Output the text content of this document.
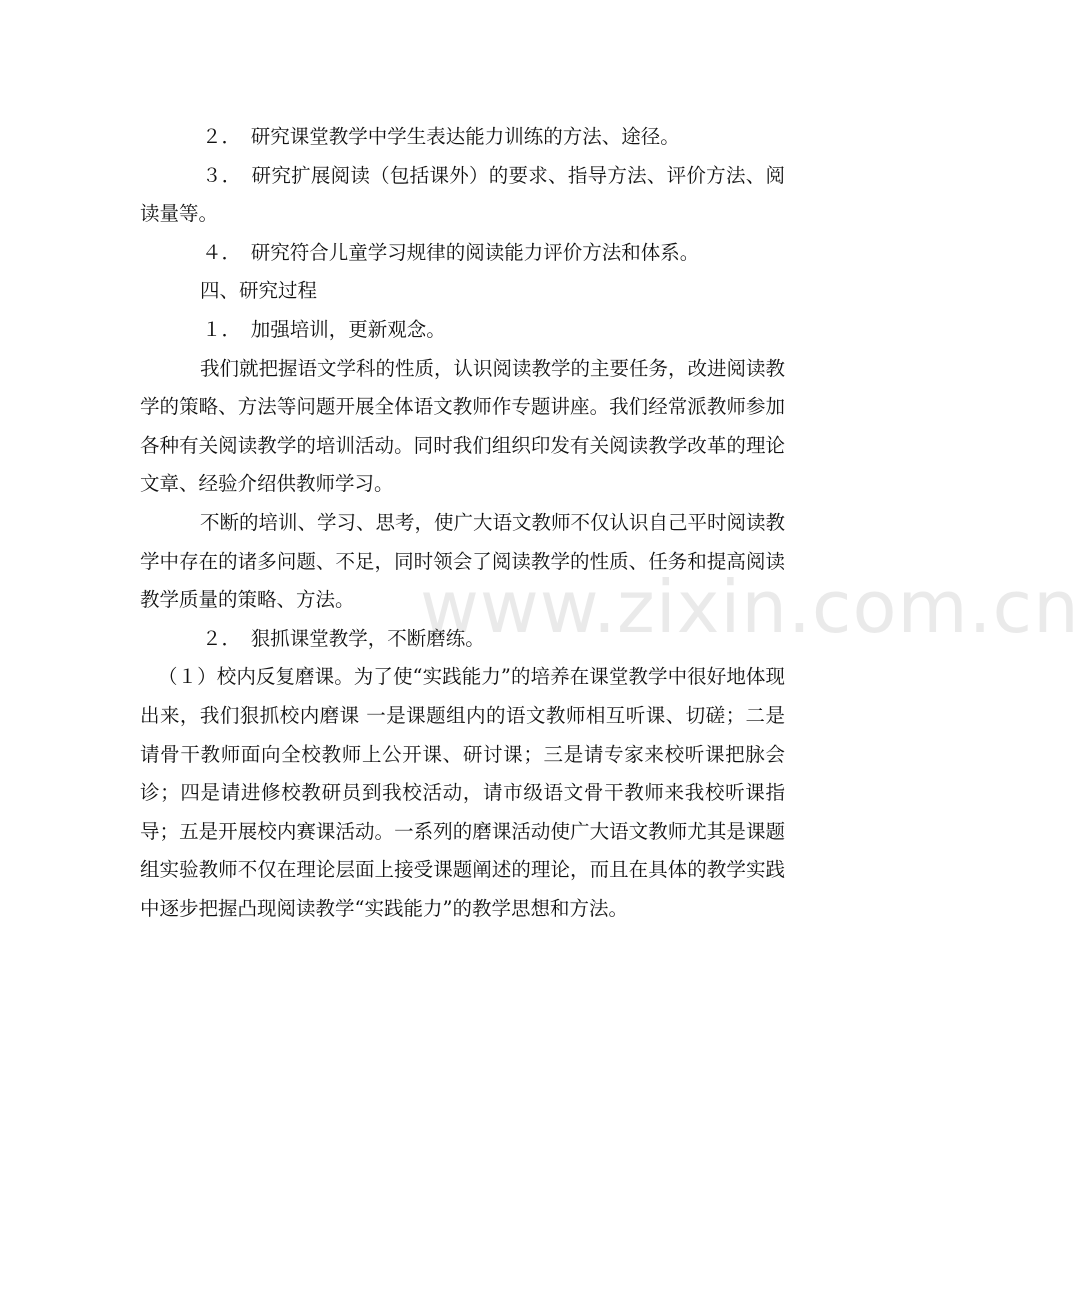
２．　研究课堂教学中学生表达能力训练的方法、途径。

３．　研究扩展阅读（包括课外）的要求、指导方法、评价方法、阅读量等。

４．　研究符合儿童学习规律的阅读能力评价方法和体系。

四、研究过程

１．　加强培训，更新观念。

我们就把握语文学科的性质，认识阅读教学的主要任务，改进阅读教学的策略、方法等问题开展全体语文教师作专题讲座。我们经常派教师参加各种有关阅读教学的培训活动。同时我们组织印发有关阅读教学改革的理论文章、经验介绍供教师学习。

不断的培训、学习、思考，使广大语文教师不仅认识自己平时阅读教学中存在的诸多问题、不足，同时领会了阅读教学的性质、任务和提高阅读教学质量的策略、方法。

２．　狠抓课堂教学，不断磨练。

（１）校内反复磨课。为了使“实践能力”的培养在课堂教学中很好地体现出来，我们狠抓校内磨课 一是课题组内的语文教师相互听课、切磋；二是请骨干教师面向全校教师上公开课、研讨课；三是请专家来校听课把脉会诊；四是请进修校教研员到我校活动，请市级语文骨干教师来我校听课指导；五是开展校内赛课活动。一系列的磨课活动使广大语文教师尤其是课题组实验教师不仅在理论层面上接受课题阐述的理论，而且在具体的教学实践中逐步把握凸现阅读教学“实践能力”的教学思想和方法。

www.zixin.com.cn
